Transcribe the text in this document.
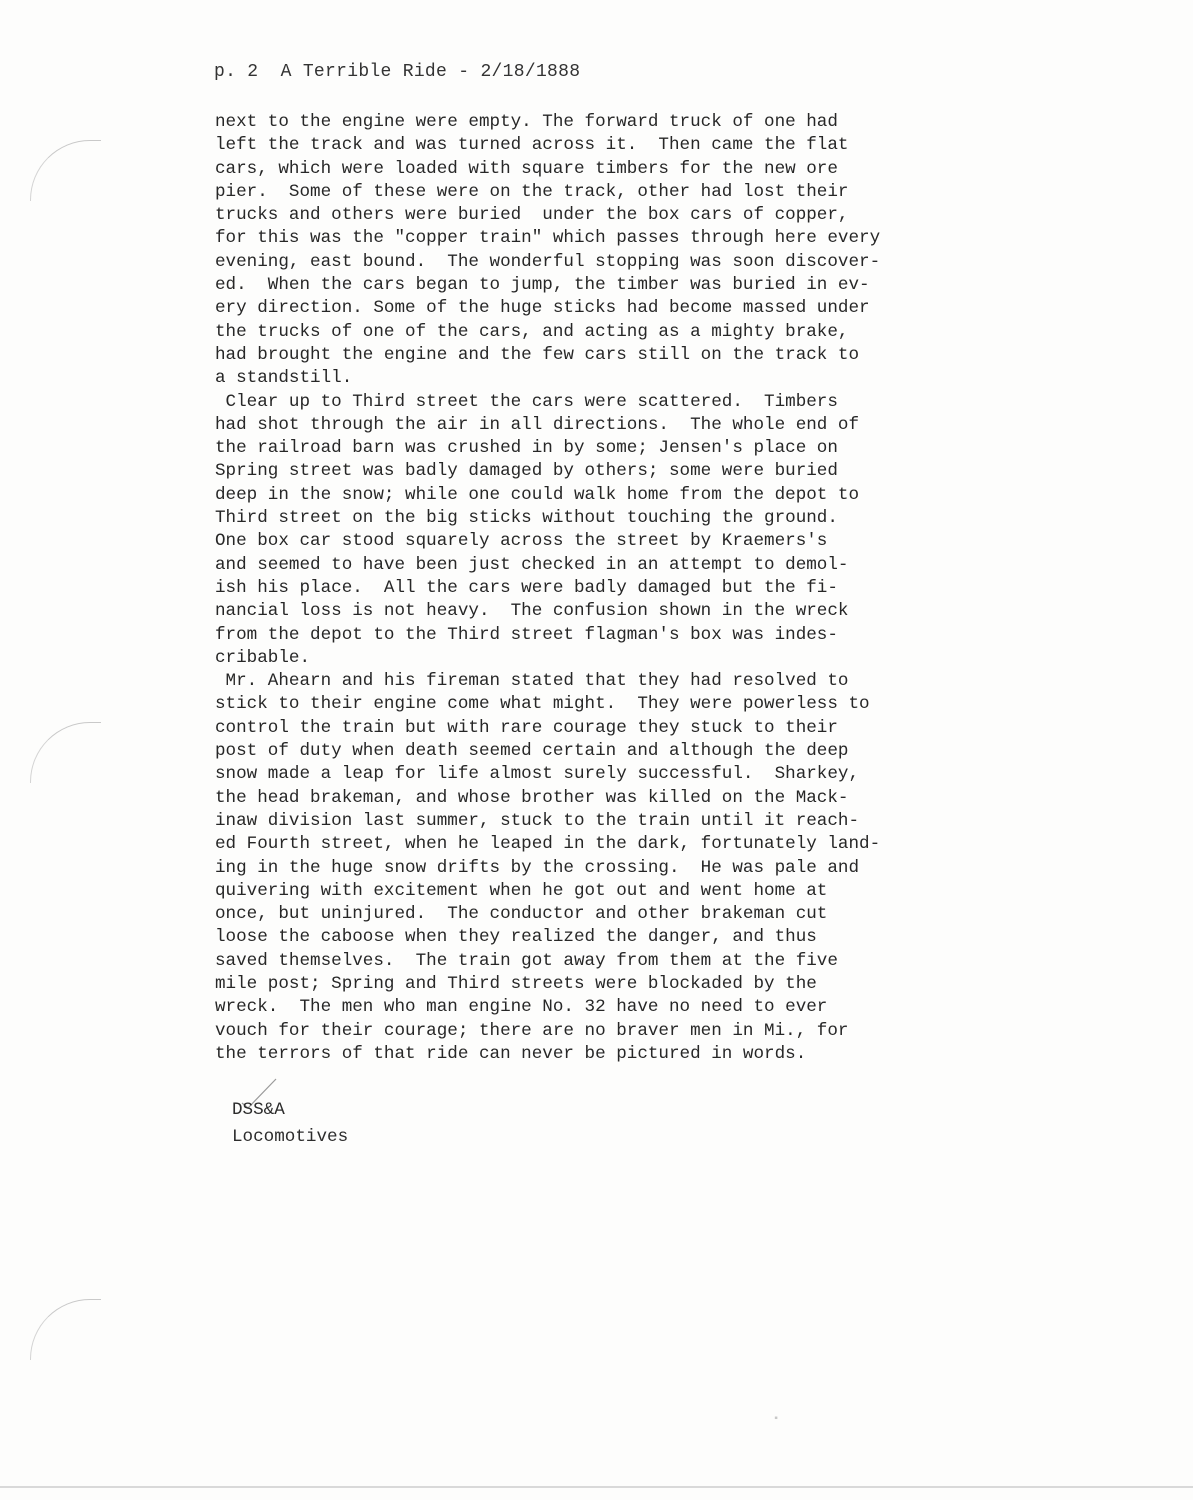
p. 2  A Terrible Ride - 2/18/1888
next to the engine were empty. The forward truck of one had
left the track and was turned across it.  Then came the flat
cars, which were loaded with square timbers for the new ore
pier.  Some of these were on the track, other had lost their
trucks and others were buried  under the box cars of copper,
for this was the "copper train" which passes through here every
evening, east bound.  The wonderful stopping was soon discover-
ed.  When the cars began to jump, the timber was buried in ev-
ery direction. Some of the huge sticks had become massed under
the trucks of one of the cars, and acting as a mighty brake,
had brought the engine and the few cars still on the track to
a standstill.
Clear up to Third street the cars were scattered.  Timbers
had shot through the air in all directions.  The whole end of
the railroad barn was crushed in by some; Jensen's place on
Spring street was badly damaged by others; some were buried
deep in the snow; while one could walk home from the depot to
Third street on the big sticks without touching the ground.
One box car stood squarely across the street by Kraemers's
and seemed to have been just checked in an attempt to demol-
ish his place.  All the cars were badly damaged but the fi-
nancial loss is not heavy.  The confusion shown in the wreck
from the depot to the Third street flagman's box was indes-
cribable.
Mr. Ahearn and his fireman stated that they had resolved to
stick to their engine come what might.  They were powerless to
control the train but with rare courage they stuck to their
post of duty when death seemed certain and although the deep
snow made a leap for life almost surely successful.  Sharkey,
the head brakeman, and whose brother was killed on the Mack-
inaw division last summer, stuck to the train until it reach-
ed Fourth street, when he leaped in the dark, fortunately land-
ing in the huge snow drifts by the crossing.  He was pale and
quivering with excitement when he got out and went home at
once, but uninjured.  The conductor and other brakeman cut
loose the caboose when they realized the danger, and thus
saved themselves.  The train got away from them at the five
mile post; Spring and Third streets were blockaded by the
wreck.  The men who man engine No. 32 have no need to ever
vouch for their courage; there are no braver men in Mi., for
the terrors of that ride can never be pictured in words.
DSS&A
Locomotives
▪
